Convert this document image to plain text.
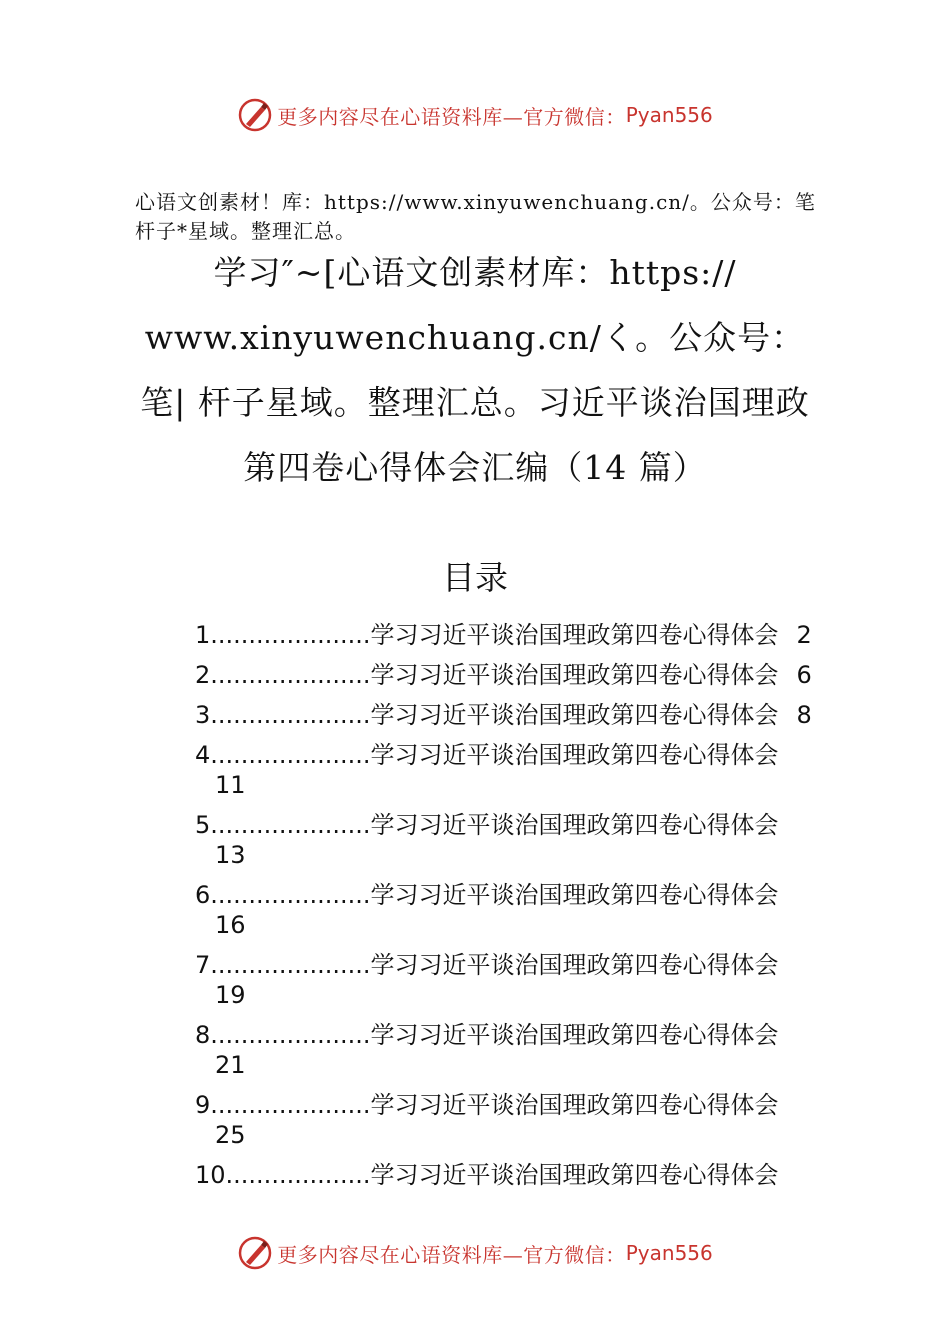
更多内容尽在心语资料库—官方微信： Pyan556
心语文创素材！库：https://www.xinyuwenchuang.cn/。公众号：笔杆子*星域。整理汇总。
学习″~[心语文创素材库：https:// www.xinyuwenchuang.cn/く。公众号：笔| 杆子星域。整理汇总。习近平谈治国理政第四卷心得体会汇编（14 篇）
目录
1.....................学习习近平谈治国理政第四卷心得体会 2
2.....................学习习近平谈治国理政第四卷心得体会 6
3.....................学习习近平谈治国理政第四卷心得体会 8
4.....................学习习近平谈治国理政第四卷心得体会
11
5.....................学习习近平谈治国理政第四卷心得体会
13
6.....................学习习近平谈治国理政第四卷心得体会
16
7.....................学习习近平谈治国理政第四卷心得体会
19
8.....................学习习近平谈治国理政第四卷心得体会
21
9.....................学习习近平谈治国理政第四卷心得体会
25
10...................学习习近平谈治国理政第四卷心得体会
更多内容尽在心语资料库—官方微信： Pyan556
